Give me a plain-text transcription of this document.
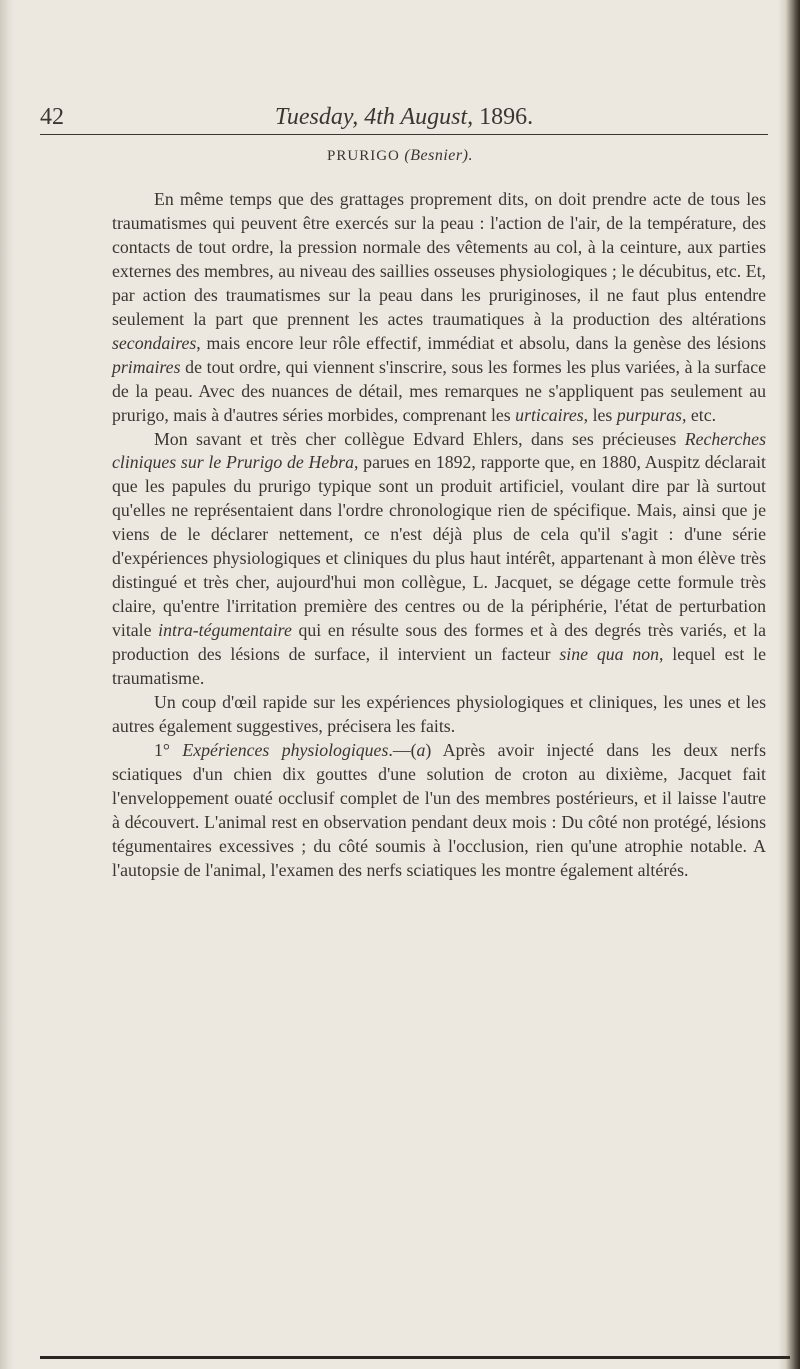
42	Tuesday, 4th August, 1896.
PRURIGO (Besnier).

En même temps que des grattages proprement dits, on doit prendre acte de tous les traumatismes qui peuvent être exercés sur la peau : l'action de l'air, de la température, des contacts de tout ordre, la pression normale des vêtements au col, à la ceinture, aux parties externes des membres, au niveau des saillies osseuses physiologiques ; le décubitus, etc. Et, par action des traumatismes sur la peau dans les pruriginoses, il ne faut plus entendre seulement la part que prennent les actes traumatiques à la production des altérations secondaires, mais encore leur rôle effectif, immédiat et absolu, dans la genèse des lésions primaires de tout ordre, qui viennent s'inscrire, sous les formes les plus variées, à la surface de la peau. Avec des nuances de détail, mes remarques ne s'appliquent pas seulement au prurigo, mais à d'autres séries morbides, comprenant les urticaires, les purpuras, etc.

Mon savant et très cher collègue Edvard Ehlers, dans ses précieuses Recherches cliniques sur le Prurigo de Hebra, parues en 1892, rapporte que, en 1880, Auspitz déclarait que les papules du prurigo typique sont un produit artificiel, voulant dire par là surtout qu'elles ne représentaient dans l'ordre chronologique rien de spécifique. Mais, ainsi que je viens de le déclarer nettement, ce n'est déjà plus de cela qu'il s'agit : d'une série d'expériences physiologiques et cliniques du plus haut intérêt, appartenant à mon élève très distingué et très cher, aujourd'hui mon collègue, L. Jacquet, se dégage cette formule très claire, qu'entre l'irritation première des centres ou de la périphérie, l'état de perturbation vitale intra-tégumentaire qui en résulte sous des formes et à des degrés très variés, et la production des lésions de surface, il intervient un facteur sine qua non, lequel est le traumatisme.

Un coup d'œil rapide sur les expériences physiologiques et cliniques, les unes et les autres également suggestives, précisera les faits.

1° Expériences physiologiques.—(a) Après avoir injecté dans les deux nerfs sciatiques d'un chien dix gouttes d'une solution de croton au dixième, Jacquet fait l'enveloppement ouaté occlusif complet de l'un des membres postérieurs, et il laisse l'autre à découvert. L'animal rest en observation pendant deux mois : Du côté non protégé, lésions tégumentaires excessives ; du côté soumis à l'occlusion, rien qu'une atrophie notable. A l'autopsie de l'animal, l'examen des nerfs sciatiques les montre également altérés.
